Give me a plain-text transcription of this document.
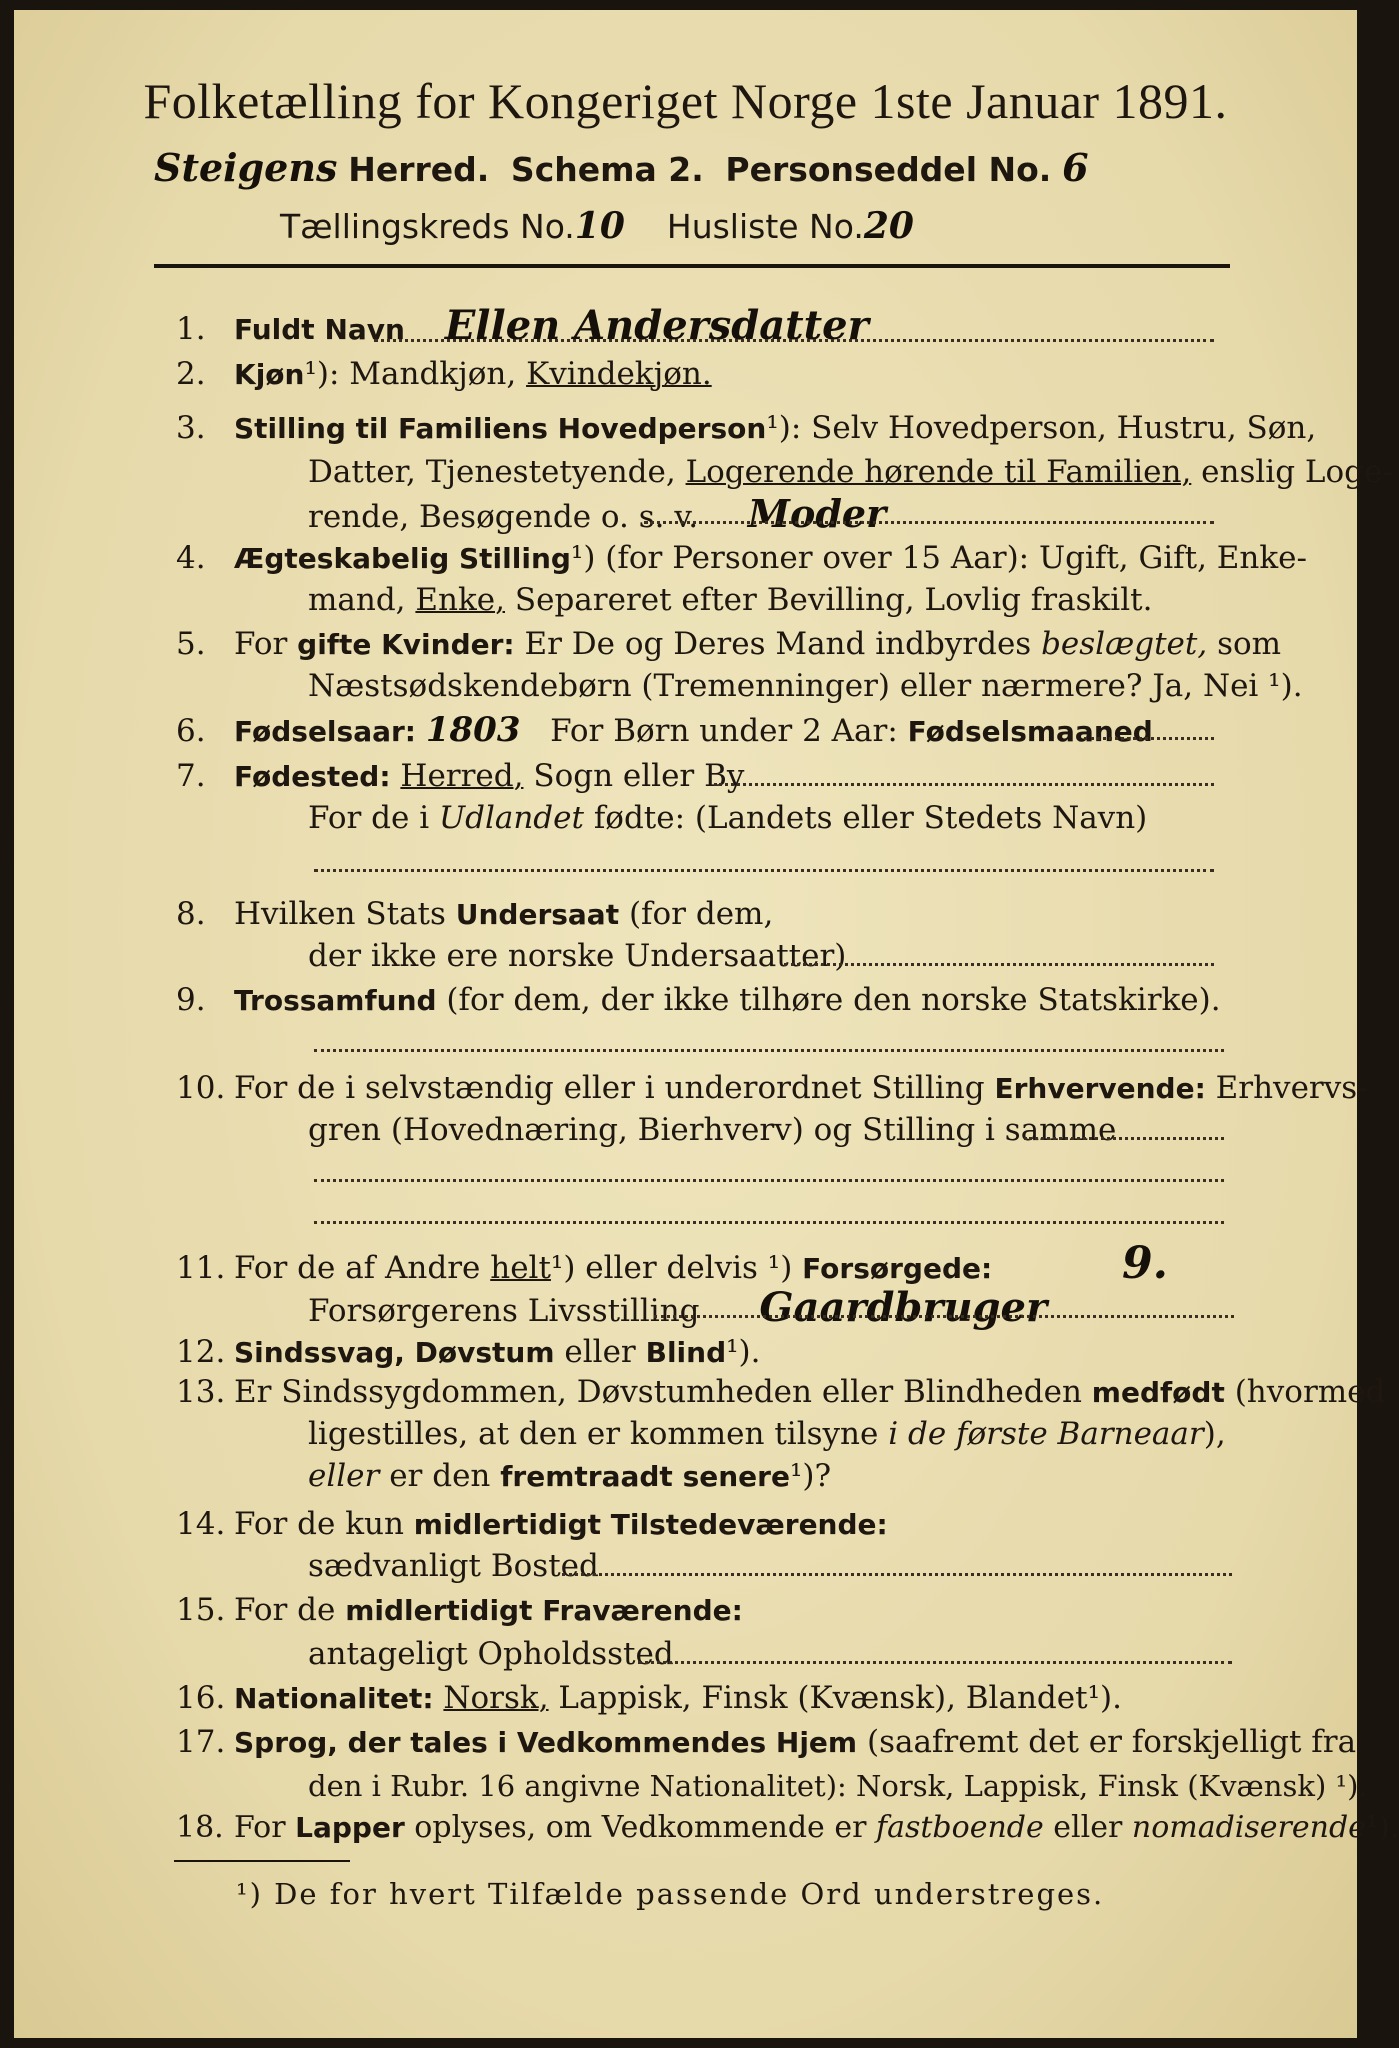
Folketælling for Kongeriget Norge 1ste Januar 1891.
Steigens Herred. Schema 2. Personseddel No. 6
Tællingskreds No.10 Husliste No.20
1. Fuldt Navn Ellen Andersdatter
2. Kjøn¹): Mandkjøn, Kvindekjøn.
3. Stilling til Familiens Hovedperson¹): Selv Hovedperson, Hustru, Søn,
Datter, Tjenestetyende, Logerende hørende til Familien, enslig Loge-
rende, Besøgende o. s. v. Moder
4. Ægteskabelig Stilling¹) (for Personer over 15 Aar): Ugift, Gift, Enke-
mand, Enke, Separeret efter Bevilling, Lovlig fraskilt.
5. For gifte Kvinder: Er De og Deres Mand indbyrdes beslægtet, som
Næstsødskendebørn (Tremenninger) eller nærmere? Ja, Nei ¹).
6. Fødselsaar: 1803 For Børn under 2 Aar: Fødselsmaaned
7. Fødested: Herred, Sogn eller By
For de i Udlandet fødte: (Landets eller Stedets Navn)
8. Hvilken Stats Undersaat (for dem,
der ikke ere norske Undersaatter)
9. Trossamfund (for dem, der ikke tilhøre den norske Statskirke).
10. For de i selvstændig eller i underordnet Stilling Erhvervende: Erhvervs-
gren (Hovednæring, Bierhverv) og Stilling i samme
11. For de af Andre helt¹) eller delvis ¹) Forsørgede:	9.
Forsørgerens Livsstilling Gaardbruger
12. Sindssvag, Døvstum eller Blind¹).
13. Er Sindssygdommen, Døvstumheden eller Blindheden medfødt (hvormed
ligestilles, at den er kommen tilsyne i de første Barneaar),
eller er den fremtraadt senere¹)?
14. For de kun midlertidigt Tilstedeværende:
sædvanligt Bosted
15. For de midlertidigt Fraværende:
antageligt Opholdssted
16. Nationalitet: Norsk, Lappisk, Finsk (Kvænsk), Blandet¹).
17. Sprog, der tales i Vedkommendes Hjem (saafremt det er forskjelligt fra
den i Rubr. 16 angivne Nationalitet): Norsk, Lappisk, Finsk (Kvænsk) ¹).
18. For Lapper oplyses, om Vedkommende er fastboende eller nomadiserende¹).
¹) De for hvert Tilfælde passende Ord understreges.
